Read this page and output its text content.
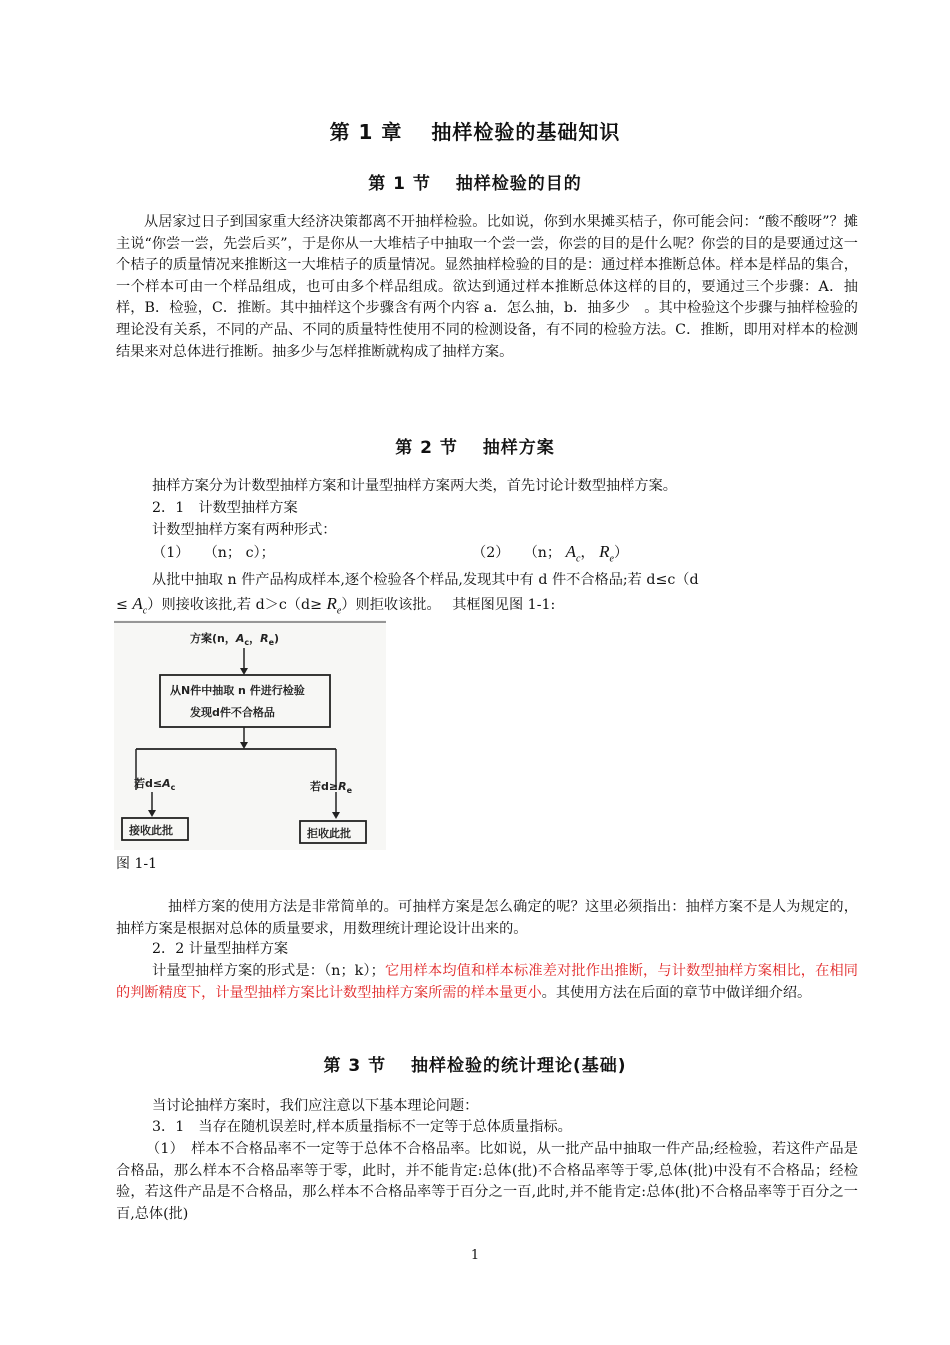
第 1 章　 抽样检验的基础知识
第 1 节　 抽样检验的目的
从居家过日子到国家重大经济决策都离不开抽样检验。比如说，你到水果摊买桔子，你可能会问：“酸不酸呀”？摊主说“你尝一尝，先尝后买”，于是你从一大堆桔子中抽取一个尝一尝，你尝的目的是什么呢？你尝的目的是要通过这一个桔子的质量情况来推断这一大堆桔子的质量情况。显然抽样检验的目的是：通过样本推断总体。样本是样品的集合，一个样本可由一个样品组成，也可由多个样品组成。欲达到通过样本推断总体这样的目的，要通过三个步骤：A．抽样，B．检验，C．推断。其中抽样这个步骤含有两个内容 a．怎么抽，b．抽多少　。其中检验这个步骤与抽样检验的理论没有关系，不同的产品、不同的质量特性使用不同的检测设备，有不同的检验方法。C．推断，即用对样本的检测结果来对总体进行推断。抽多少与怎样推断就构成了抽样方案。
第 2 节　 抽样方案
抽样方案分为计数型抽样方案和计量型抽样方案两大类，首先讨论计数型抽样方案。
2．1　计数型抽样方案
计数型抽样方案有两种形式：
（1）　　（n； c）；	（2）　　（n； $A_c$， $R_e$）
从批中抽取 n 件产品构成样本,逐个检验各个样品,发现其中有 d 件不合格品;若 d≤c（d
≤ $A_c$）则接收该批,若 $d>c(d\ge R_e)$则拒收该批。　 其框图见图 1-1:
方案(n，$A_c$，$R_e$)
从N件中抽取 n 件进行检验
发现d件不合格品
若$d\le A_c$	若$d\ge R_e$
接收此批	拒收此批
图 1-1
抽样方案的使用方法是非常简单的。可抽样方案是怎么确定的呢？这里必须指出：抽样方案不是人为规定的，抽样方案是根据对总体的质量要求，用数理统计理论设计出来的。
2．2 计量型抽样方案
计量型抽样方案的形式是：（n；k）；它用样本均值和样本标准差对批作出推断，与计数型抽样方案相比，在相同的判断精度下，计量型抽样方案比计数型抽样方案所需的样本量更小。其使用方法在后面的章节中做详细介绍。
第 3 节　 抽样检验的统计理论(基础)
当讨论抽样方案时，我们应注意以下基本理论问题：
3．1　当存在随机误差时,样本质量指标不一定等于总体质量指标。
（1）　样本不合格品率不一定等于总体不合格品率。比如说，从一批产品中抽取一件产品;经检验，若这件产品是合格品，那么样本不合格品率等于零，此时，并不能肯定:总体(批)不合格品率等于零,总体(批)中没有不合格品；经检验，若这件产品是不合格品，那么样本不合格品率等于百分之一百,此时,并不能肯定:总体(批)不合格品率等于百分之一百,总体(批)
1
